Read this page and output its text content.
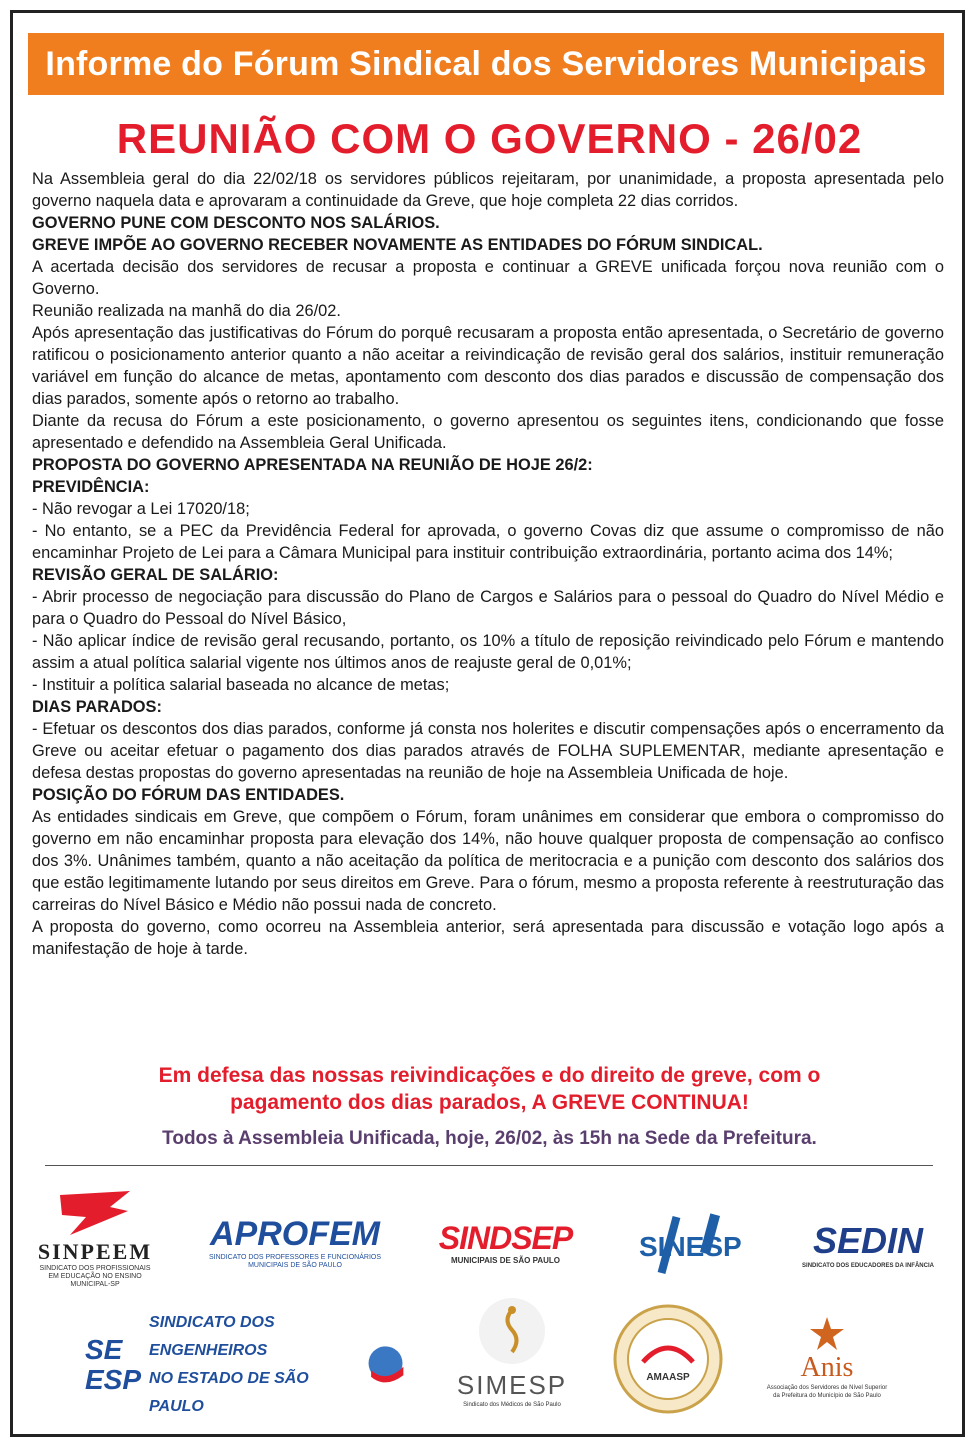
Informe do Fórum Sindical dos Servidores Municipais
REUNIÃO COM O GOVERNO - 26/02

Na Assembleia geral do dia 22/02/18 os servidores públicos rejeitaram, por unanimidade, a proposta apresentada pelo governo naquela data e aprovaram a continuidade da Greve, que hoje completa 22 dias corridos.

GOVERNO PUNE COM DESCONTO NOS SALÁRIOS.

GREVE IMPÕE AO GOVERNO RECEBER NOVAMENTE AS ENTIDADES DO FÓRUM SINDICAL.

A acertada decisão dos servidores de recusar a proposta e continuar a GREVE unificada forçou nova reunião com o Governo.

Reunião realizada na manhã do dia 26/02.

Após apresentação das justificativas do Fórum do porquê recusaram a proposta então apresentada, o Secretário de governo ratificou o posicionamento anterior quanto a não aceitar a reivindicação de revisão geral dos salários, instituir remuneração variável em função do alcance de metas, apontamento com desconto dos dias parados e discussão de compensação dos dias parados, somente após o retorno ao trabalho.

Diante da recusa do Fórum a este posicionamento, o governo apresentou os seguintes itens, condicionando que fosse apresentado e defendido na Assembleia Geral Unificada.

PROPOSTA DO GOVERNO APRESENTADA NA REUNIÃO DE HOJE 26/2:

PREVIDÊNCIA:

- Não revogar a Lei 17020/18;

- No entanto, se a PEC da Previdência Federal for aprovada, o governo Covas diz que assume o compromisso de não encaminhar Projeto de Lei para a Câmara Municipal para instituir contribuição extraordinária, portanto acima dos 14%;

REVISÃO GERAL DE SALÁRIO:

- Abrir processo de negociação para discussão do Plano de Cargos e Salários para o pessoal do Quadro do Nível Médio e para o Quadro do Pessoal do Nível Básico,

- Não aplicar índice de revisão geral recusando, portanto, os 10% a título de reposição reivindicado pelo Fórum e mantendo assim a atual política salarial vigente nos últimos anos de reajuste geral de 0,01%;

- Instituir a política salarial baseada no alcance de metas;

DIAS PARADOS:

- Efetuar os descontos dos dias parados, conforme já consta nos holerites e discutir compensações após o encerramento da Greve ou aceitar efetuar o pagamento dos dias parados através de FOLHA SUPLEMENTAR, mediante apresentação e defesa destas propostas do governo apresentadas na reunião de hoje na Assembleia Unificada de hoje.

POSIÇÃO DO FÓRUM DAS ENTIDADES.

As entidades sindicais em Greve, que compõem o Fórum, foram unânimes em considerar que embora o compromisso do governo em não encaminhar proposta para elevação dos 14%, não houve qualquer proposta de compensação ao confisco dos 3%. Unânimes também, quanto a não aceitação da política de meritocracia e a punição com desconto dos salários dos que estão legitimamente lutando por seus direitos em Greve. Para o fórum, mesmo a proposta referente à reestruturação das carreiras do Nível Básico e Médio não possui nada de concreto.

A proposta do governo, como ocorreu na Assembleia anterior, será apresentada para discussão e votação logo após a manifestação de hoje à tarde.

Em defesa das nossas reivindicações e do direito de greve, com o
pagamento dos dias parados, A GREVE CONTINUA!
Todos à Assembleia Unificada, hoje, 26/02, às 15h na Sede da Prefeitura.
SINPEEM
SINDICATO DOS PROFISSIONAIS EM EDUCAÇÃO NO ENSINO MUNICIPAL-SP
APROFEM
SINDICATO DOS PROFESSORES E FUNCIONÁRIOS MUNICIPAIS DE SÃO PAULO
SINDSEP
MUNICIPAIS DE SÃO PAULO	SINESP SEDIN
SINDICATO DOS EDUCADORES DA INFÂNCIA
SE
ESP
SINDICATO DOS ENGENHEIROS
NO ESTADO DE SÃO PAULO
SIMESP
Sindicato dos Médicos de São Paulo
AMAASP	Anis
Associação dos Servidores de Nível Superior da Prefeitura do Município de São Paulo
